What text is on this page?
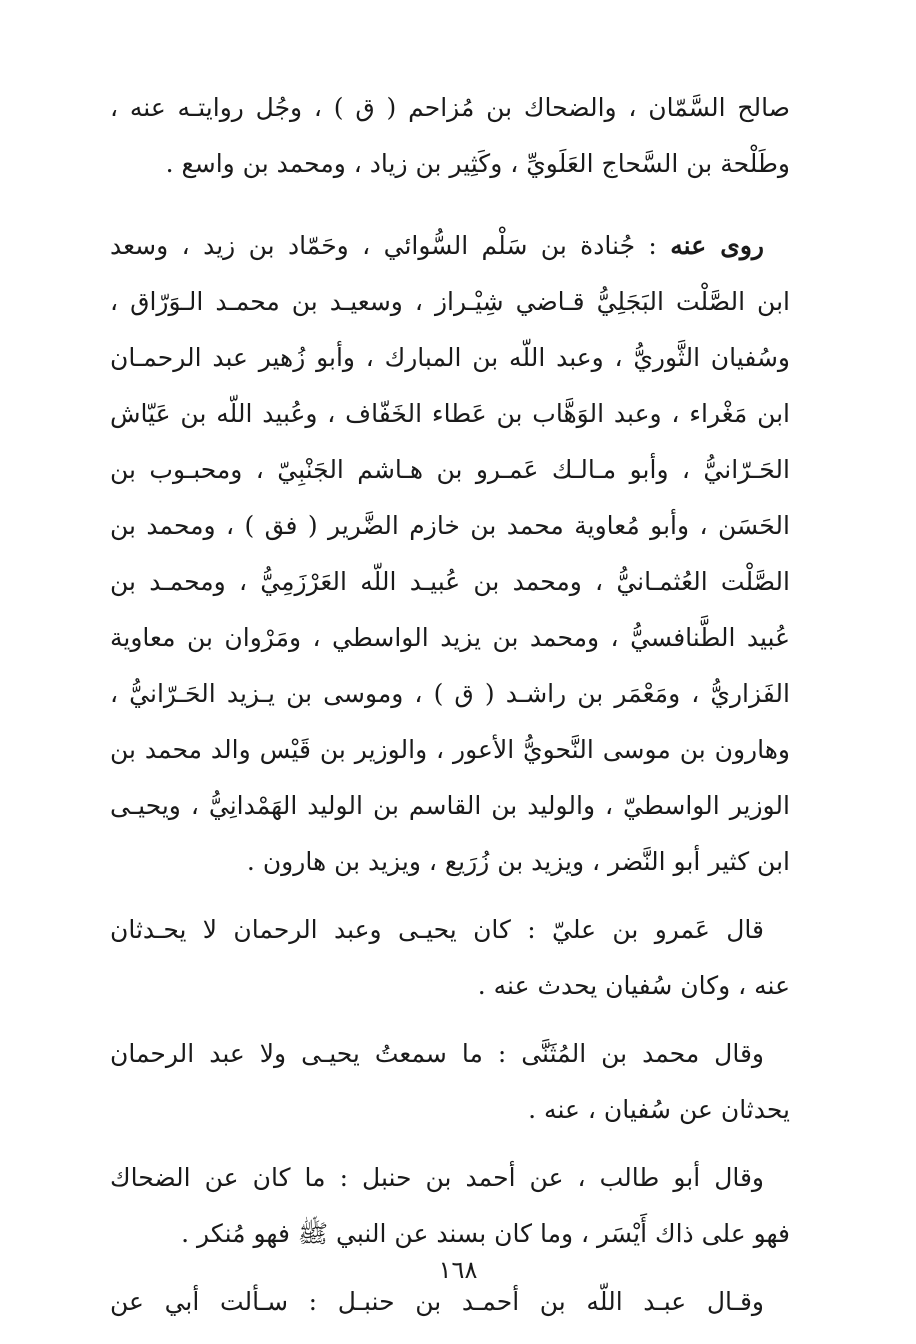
صالح السَّمّان ، والضحاك بن مُزاحم ( ق ) ، وجُل روايتـه عنه ،
وطَلْحة بن السَّحاج العَلَويِّ ، وكَثِير بن زياد ، ومحمد بن واسع .
روى عنه : جُنادة بن سَلْم السُّوائي ، وحَمّاد بن زيد ، وسعد
ابن الصَّلْت البَجَلِيُّ قـاضي شِيْـراز ، وسعيـد بن محمـد الـوَرّاق ،
وسُفيان الثَّوريُّ ، وعبد اللّه بن المبارك ، وأبو زُهير عبد الرحمـان
ابن مَغْراء ، وعبد الوَهَّاب بن عَطاء الخَفّاف ، وعُبيد اللّه بن عَيّاش
الحَـرّانيُّ ، وأبو مـالـك عَمـرو بن هـاشم الجَنْبِيّ ، ومحبـوب بن
الحَسَن ، وأبو مُعاوية محمد بن خازم الضَّرير ( فق ) ، ومحمد بن
الصَّلْت العُثمـانيُّ ، ومحمد بن عُبيـد اللّه العَرْزَمِيُّ ، ومحمـد بن
عُبيد الطَّنافسيُّ ، ومحمد بن يزيد الواسطي ، ومَرْوان بن معاوية
الفَزاريُّ ، ومَعْمَر بن راشـد ( ق ) ، وموسى بن يـزيد الحَـرّانيُّ ،
وهارون بن موسى النَّحويُّ الأعور ، والوزير بن قَيْس والد محمد بن
الوزير الواسطيّ ، والوليد بن القاسم بن الوليد الهَمْدانِيُّ ، ويحيـى
ابن كثير أبو النَّضر ، ويزيد بن زُرَيع ، ويزيد بن هارون .
قال عَمرو بن عليّ : كان يحيـى وعبد الرحمان لا يحـدثان
عنه ، وكان سُفيان يحدث عنه .
وقال محمد بن المُثَنَّى : ما سمعتُ يحيـى ولا عبد الرحمان
يحدثان عن سُفيان ، عنه .
وقال أبو طالب ، عن أحمد بن حنبل : ما كان عن الضحاك
فهو على ذاك أَيْسَر ، وما كان بسند عن النبي ﷺ فهو مُنكر .
وقـال عبـد اللّه بن أحمـد بن حنبـل : سـألت أبي عن
١٦٨
